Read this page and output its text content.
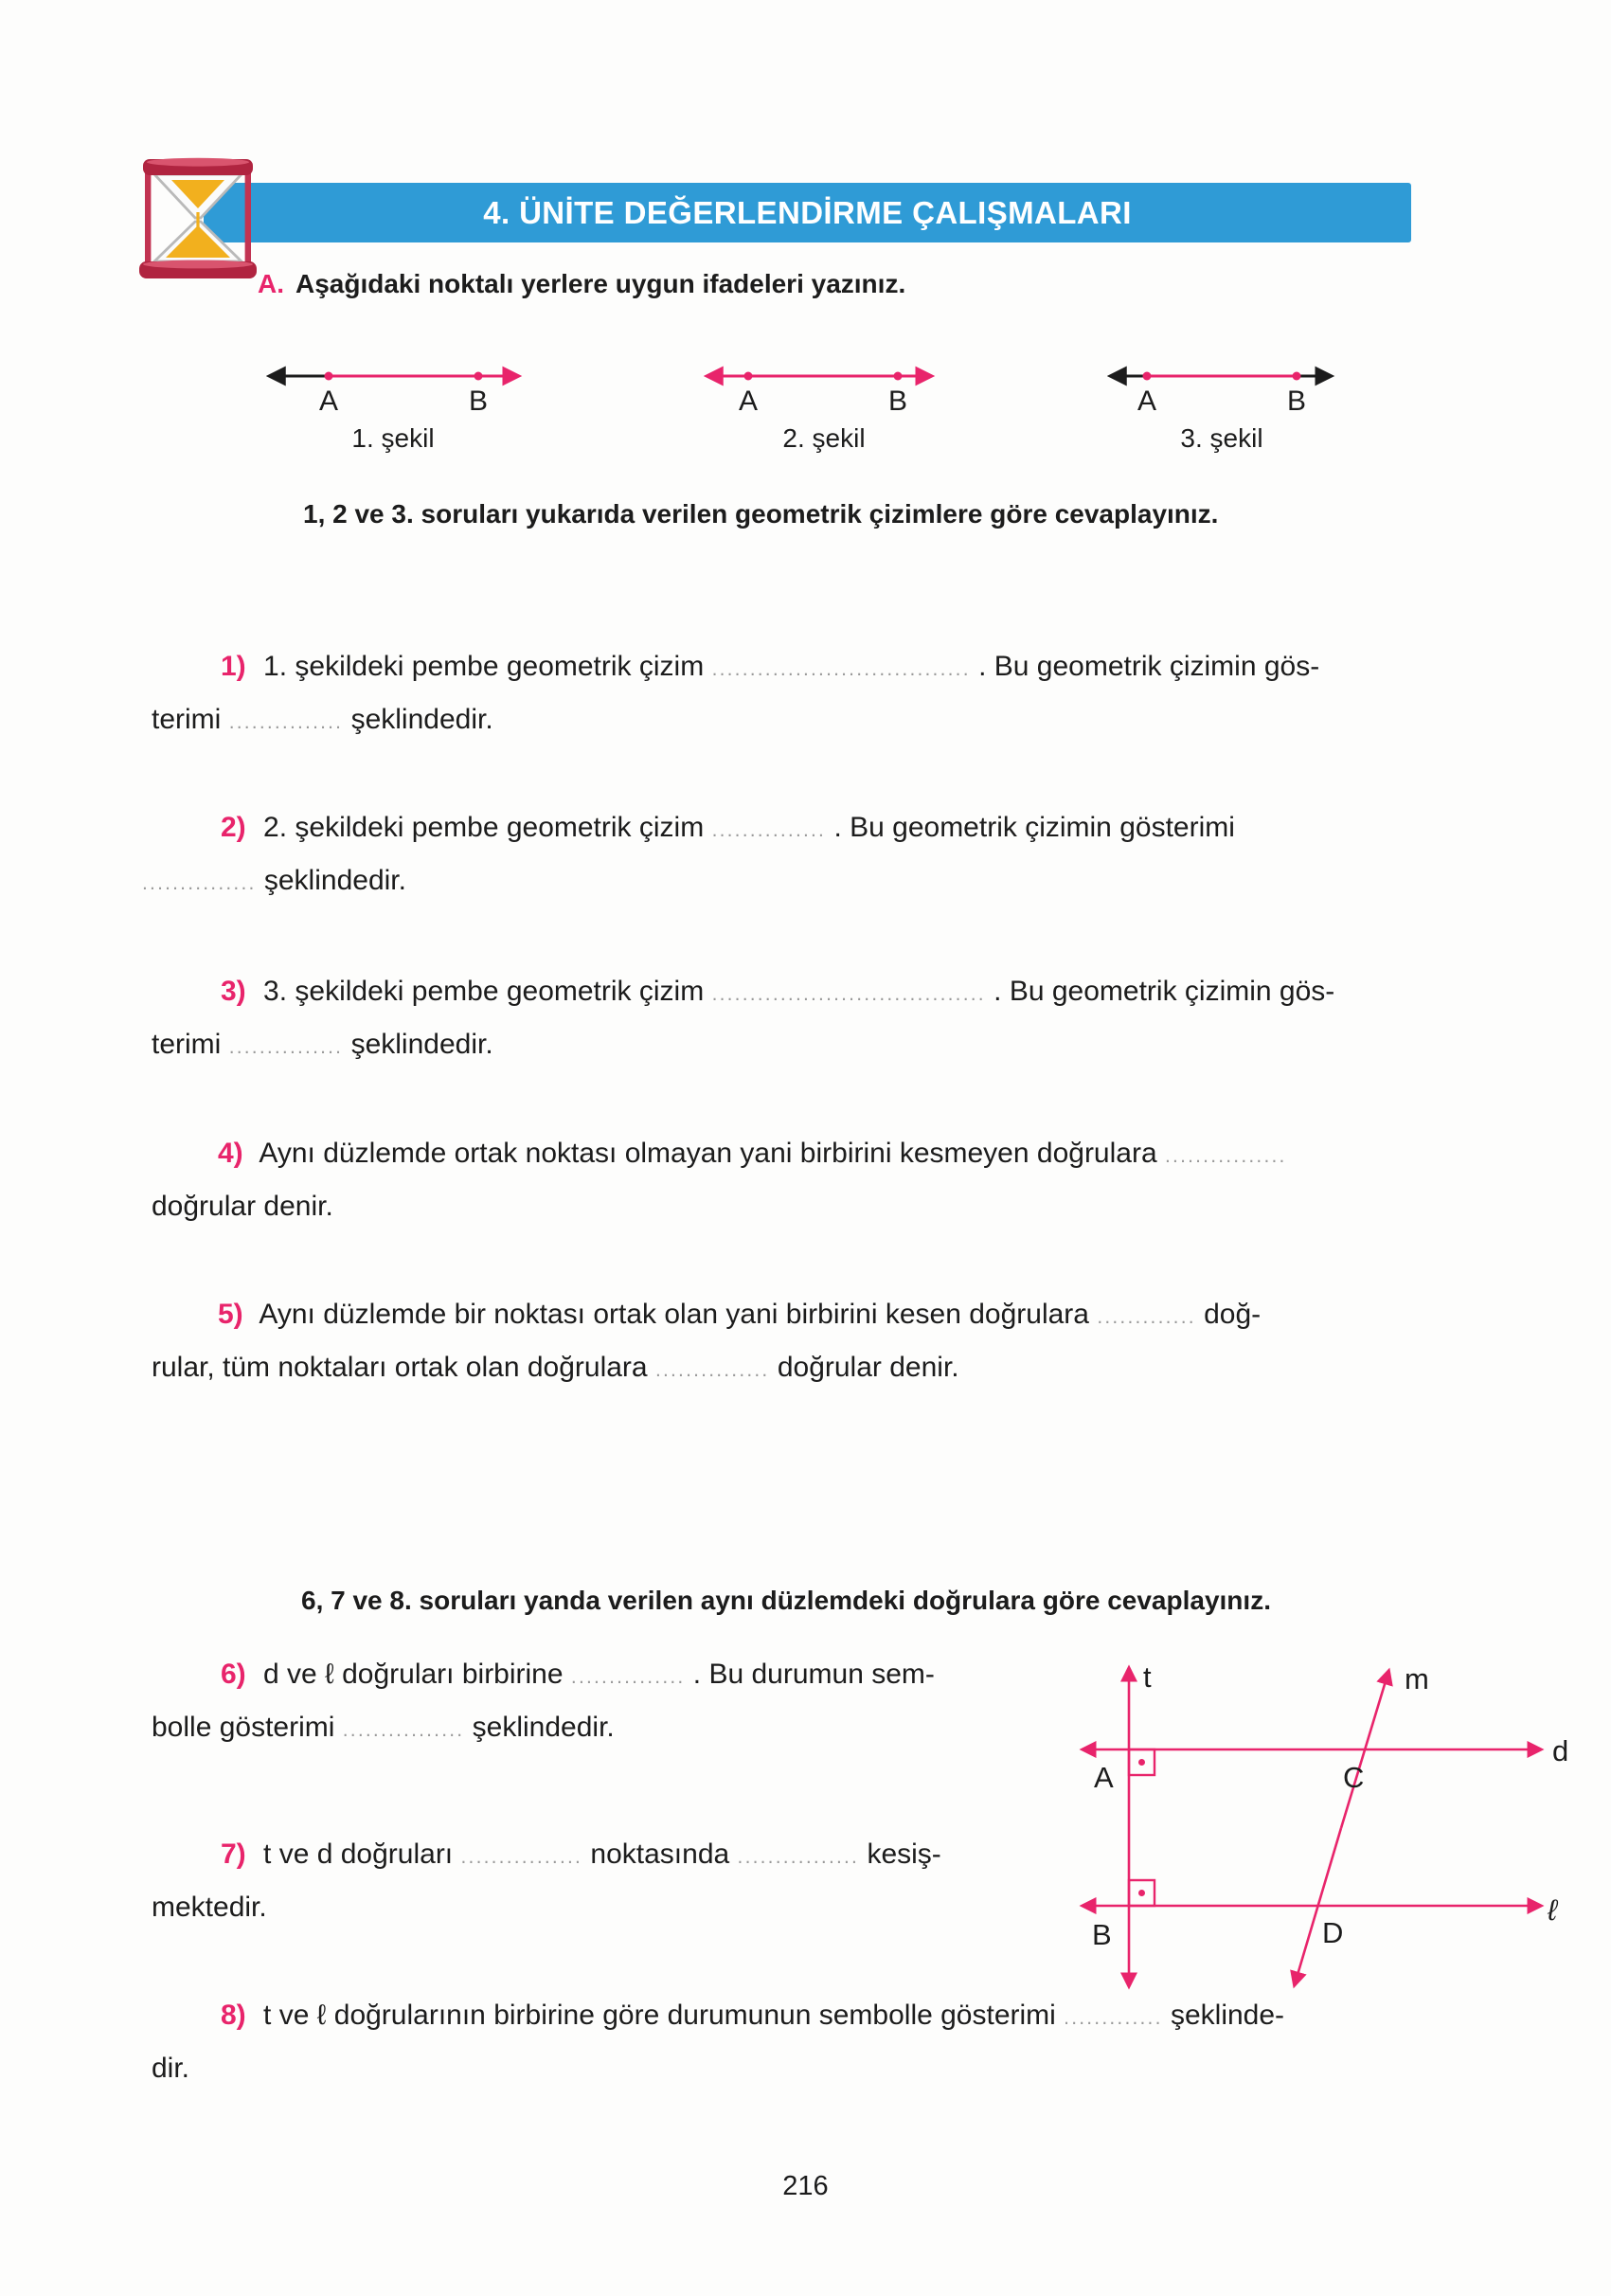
4. ÜNİTE DEĞERLENDİRME ÇALIŞMALARI
A. Aşağıdaki noktalı yerlere uygun ifadeleri yazınız.
A	B
1. şekil
A	B
2. şekil
A	B
3. şekil
1, 2 ve 3. soruları yukarıda verilen geometrik çizimlere göre cevaplayınız.
1) 1. şekildeki pembe geometrik çizim .................................. . Bu geometrik çizimin gös-
terimi ............... şeklindedir.
2) 2. şekildeki pembe geometrik çizim ............... . Bu geometrik çizimin gösterimi
............... şeklindedir.
3) 3. şekildeki pembe geometrik çizim .................................... . Bu geometrik çizimin gös-
terimi ............... şeklindedir.
4) Aynı düzlemde ortak noktası olmayan yani birbirini kesmeyen doğrulara ................
doğrular denir.
5) Aynı düzlemde bir noktası ortak olan yani birbirini kesen doğrulara ............. doğ-
rular, tüm noktaları ortak olan doğrulara ............... doğrular denir.
6, 7 ve 8. soruları yanda verilen aynı düzlemdeki doğrulara göre cevaplayınız.
6) d ve ℓ doğruları birbirine ............... . Bu durumun sem-
bolle gösterimi ................ şeklindedir.
7) t ve d doğruları ................ noktasında ................ kesiş-
mektedir.
8) t ve ℓ doğrularının birbirine göre durumunun sembolle gösterimi ............. şeklinde-
dir.
t	m
d
ℓ
A
B
C
D
216
